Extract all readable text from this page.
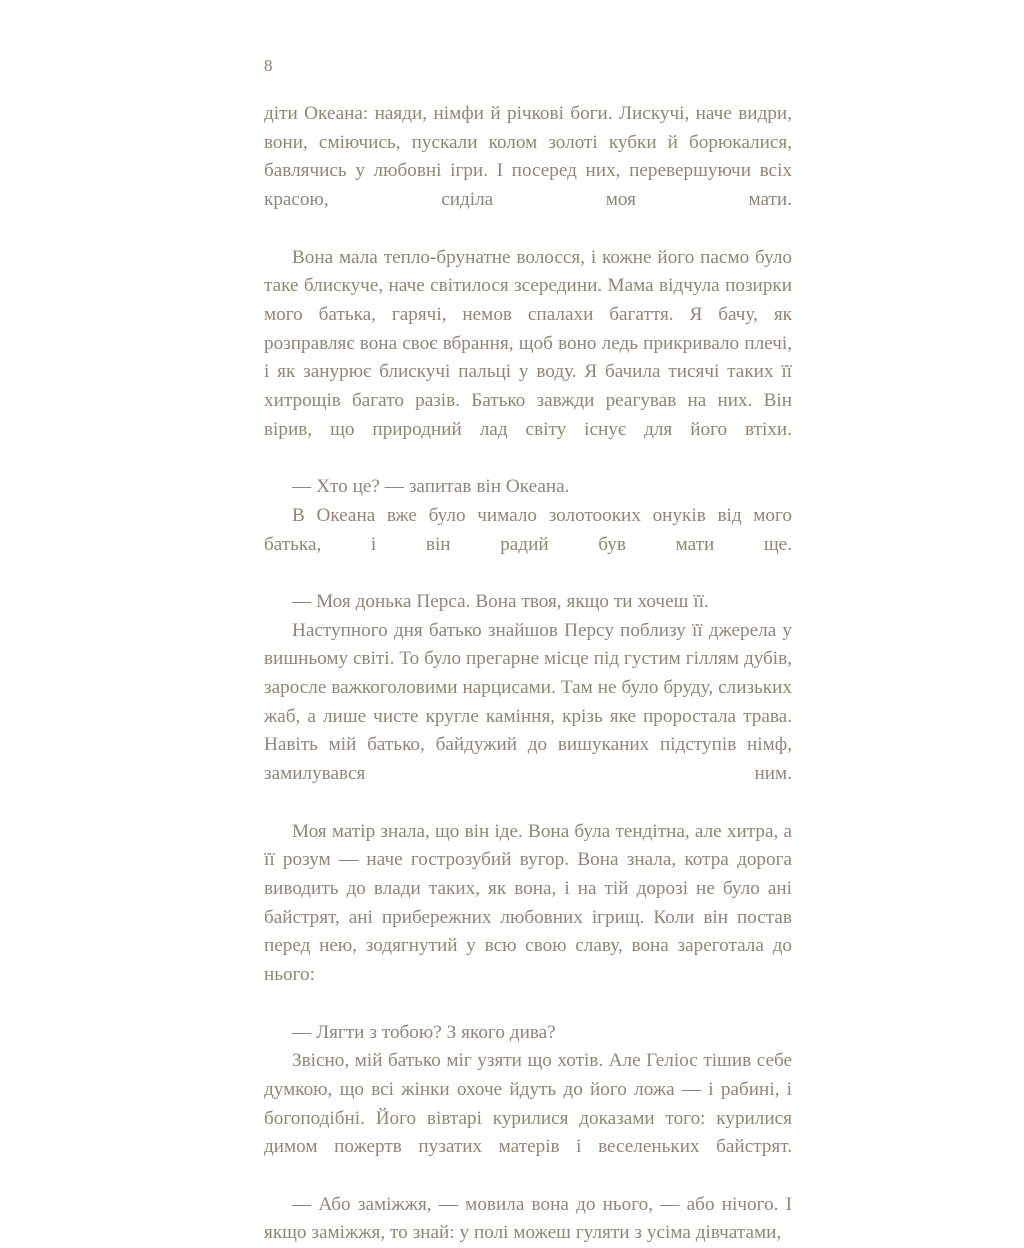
8

діти Океана: наяди, німфи й річкові боги. Лискучі, наче видри, вони, сміючись, пускали колом золоті кубки й борюкалися, бавлячись у любовні ігри. І посеред них, перевершуючи всіх красою, сиділа моя мати.

Вона мала тепло-брунатне волосся, і кожне його пасмо було таке блискуче, наче світилося зсередини. Мама відчула позирки мого батька, гарячі, немов спалахи багаття. Я бачу, як розправляє вона своє вбрання, щоб воно ледь прикривало плечі, і як занурює блискучі пальці у воду. Я бачила тисячі таких її хитрощів багато разів. Батько завжди реагував на них. Він вірив, що природний лад світу існує для його втіхи.

— Хто це? — запитав він Океана.

В Океана вже було чимало золотооких онуків від мого батька, і він радий був мати ще.

— Моя донька Перса. Вона твоя, якщо ти хочеш її.

Наступного дня батько знайшов Персу поблизу її джерела у вишньому світі. То було прегарне місце під густим гіллям дубів, заросле важкоголовими нарцисами. Там не було бруду, слизьких жаб, а лише чисте кругле каміння, крізь яке проростала трава. Навіть мій батько, байдужий до вишуканих підступів німф, замилувався ним.

Моя матір знала, що він іде. Вона була тендітна, але хитра, а її розум — наче гострозубий вугор. Вона знала, котра дорога виводить до влади таких, як вона, і на тій дорозі не було ані байстрят, ані прибережних любовних ігрищ. Коли він постав перед нею, зодягнутий у всю свою славу, вона зареготала до нього:

— Лягти з тобою? З якого дива?

Звісно, мій батько міг узяти що хотів. Але Геліос тішив себе думкою, що всі жінки охоче йдуть до його ложа — і рабині, і богоподібні. Його вівтарі курилися доказами того: курилися димом пожертв пузатих матерів і веселеньких байстрят.

— Або заміжжя, — мовила вона до нього, — або нічого. І якщо заміжжя, то знай: у полі можеш гуляти з усіма дівчатами,
